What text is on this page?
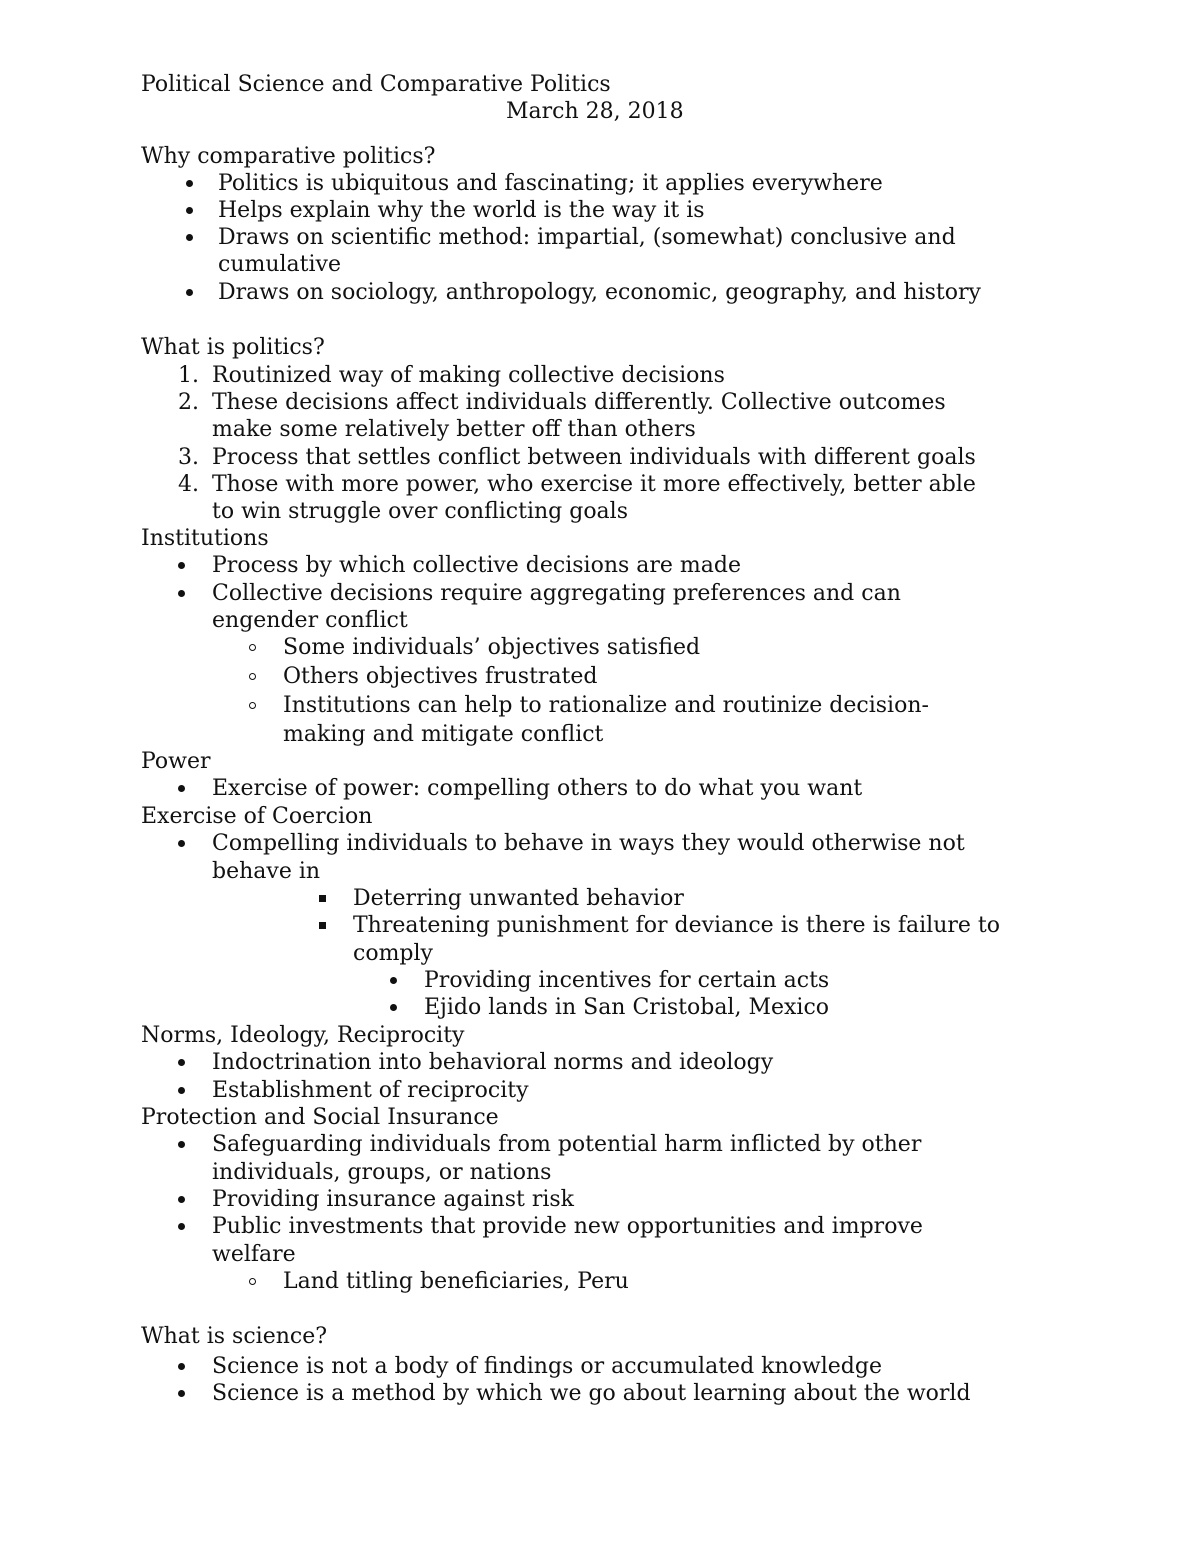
Political Science and Comparative Politics
March 28, 2018
Why comparative politics?
Politics is ubiquitous and fascinating; it applies everywhere
Helps explain why the world is the way it is
Draws on scientific method: impartial, (somewhat) conclusive and
cumulative
Draws on sociology, anthropology, economic, geography, and history
What is politics?
1. Routinized way of making collective decisions
2. These decisions affect individuals differently. Collective outcomes
make some relatively better off than others
3. Process that settles conflict between individuals with different goals
4. Those with more power, who exercise it more effectively, better able
to win struggle over conflicting goals
Institutions
Process by which collective decisions are made
Collective decisions require aggregating preferences and can
engender conflict
Some individuals’ objectives satisfied
Others objectives frustrated
Institutions can help to rationalize and routinize decision-
making and mitigate conflict
Power
Exercise of power: compelling others to do what you want
Exercise of Coercion
Compelling individuals to behave in ways they would otherwise not
behave in
Deterring unwanted behavior
Threatening punishment for deviance is there is failure to
comply
Providing incentives for certain acts
Ejido lands in San Cristobal, Mexico
Norms, Ideology, Reciprocity
Indoctrination into behavioral norms and ideology
Establishment of reciprocity
Protection and Social Insurance
Safeguarding individuals from potential harm inflicted by other
individuals, groups, or nations
Providing insurance against risk
Public investments that provide new opportunities and improve
welfare
Land titling beneficiaries, Peru
What is science?
Science is not a body of findings or accumulated knowledge
Science is a method by which we go about learning about the world
